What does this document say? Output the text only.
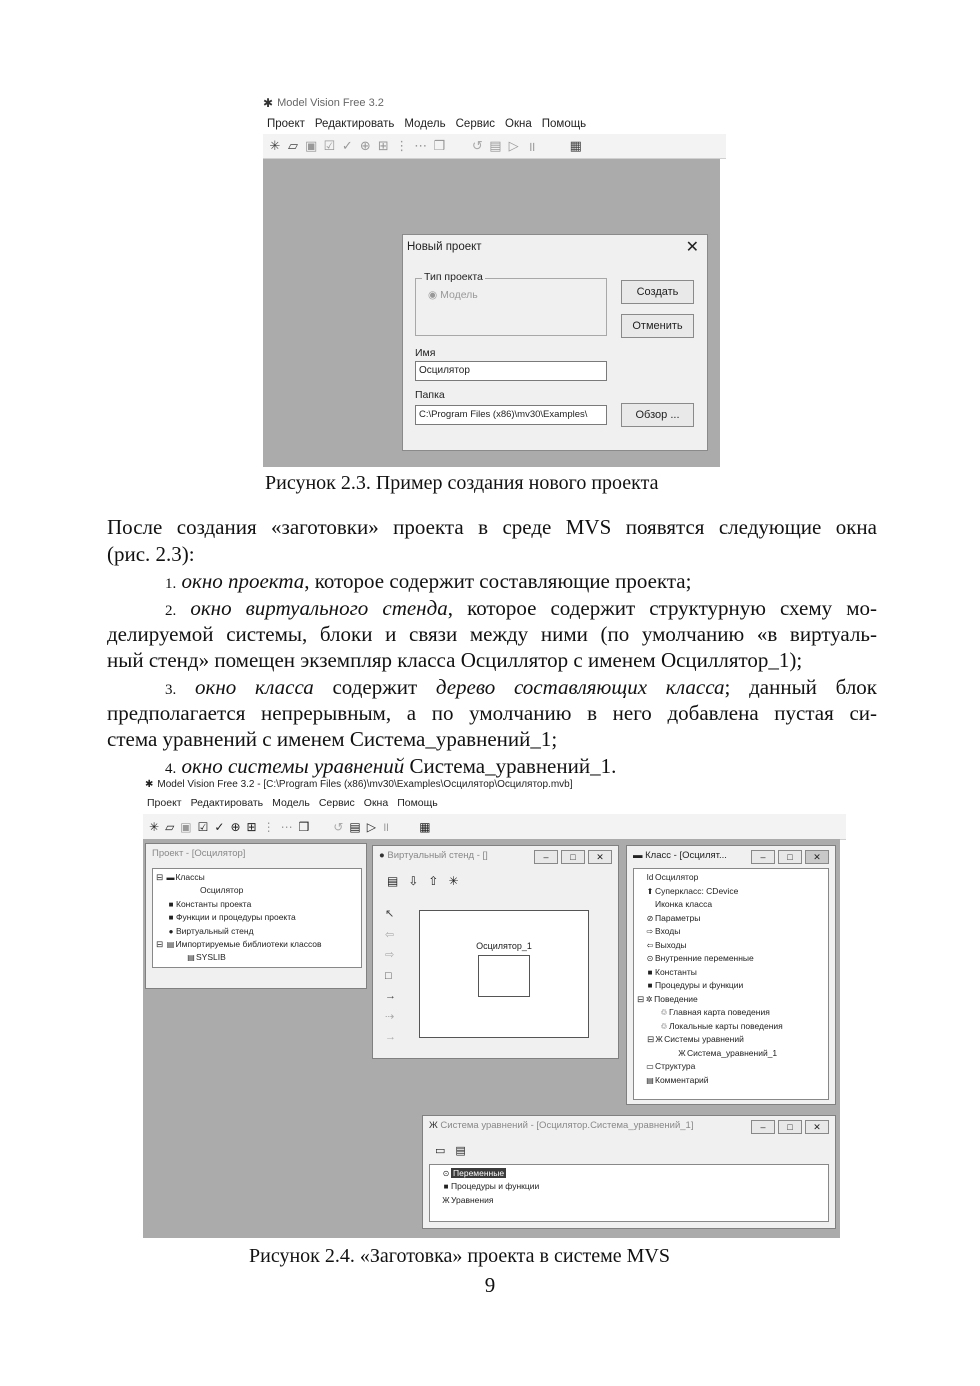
✱ Model Vision Free 3.2
Проект Редактировать Модель Сервис Окна Помощь
✳ ▱ ▣ ☑ ✓ ⊕ ⊞ ⋮ ⋯ ❒ ↺ ▤ ▷ ॥	▦
Новый проект	✕
Тип проекта
◉ Модель
Имя
Осцилятор
Папка
C:\Program Files (x86)\mv30\Examples\
Создать
Отменить
Обзор ...
Рисунок 2.3. Пример создания нового проекта
После создания «заготовки» проекта в среде MVS появятся следующие окна
(рис. 2.3):
1. окно проекта, которое содержит составляющие проекта;
2. окно виртуального стенда, которое содержит структурную схему мо-
делируемой системы, блоки и связи между ними (по умолчанию «в виртуаль-
ный стенд» помещен экземпляр класса Осциллятор с именем Осциллятор_1);
3. окно класса содержит дерево составляющих класса; данный блок
предполагается непрерывным, а по умолчанию в него добавлена пустая си-
стема уравнений с именем Система_уравнений_1;
4. окно системы уравнений Система_уравнений_1.
✱ Model Vision Free 3.2 - [C:\Program Files (x86)\mv30\Examples\Осцилятор\Осцилятор.mvb]
Проект Редактировать Модель Сервис Окна Помощь
✳ ▱ ▣ ☑ ✓ ⊕ ⊞ ⋮ ⋯ ❒ ↺ ▤ ▷ ॥	▦
Проект - [Осцилятор]
⊟ ▬Классы
Осцилятор
■ Константы проекта
■ Функции и процедуры проекта
● Виртуальный стенд
⊟ ▤Импортируемые библиотеки классов
▤SYSLIB
● Виртуальный стенд - []	–	□	✕
▤ ⇩ ⇧ ✳
↖
⇦
⇨
□
→
⇢
→
Осцилятор_1
▬ Класс - [Осцилят...	–	□	✕
Id Осцилятор
⬆ Суперкласс: CDevice
Иконка класса
⊘ Параметры
⇨ Входы
⇦ Выходы
⊙ Внутренние переменные
■ Константы
■ Процедуры и функции
⊟ ✲ Поведение
♲Главная карта поведения
♲Локальные карты поведения
⊟ЖСистемы уравнений
ЖСистема_уравнений_1
▭Структура
▤Комментарий
Ж Система уравнений - [Осцилятор.Система_уравнений_1]	–	□	✕
▭ ▤
⊙ Переменные
■ Процедуры и функции
ЖУравнения
Рисунок 2.4. «Заготовка» проекта в системе MVS
9
